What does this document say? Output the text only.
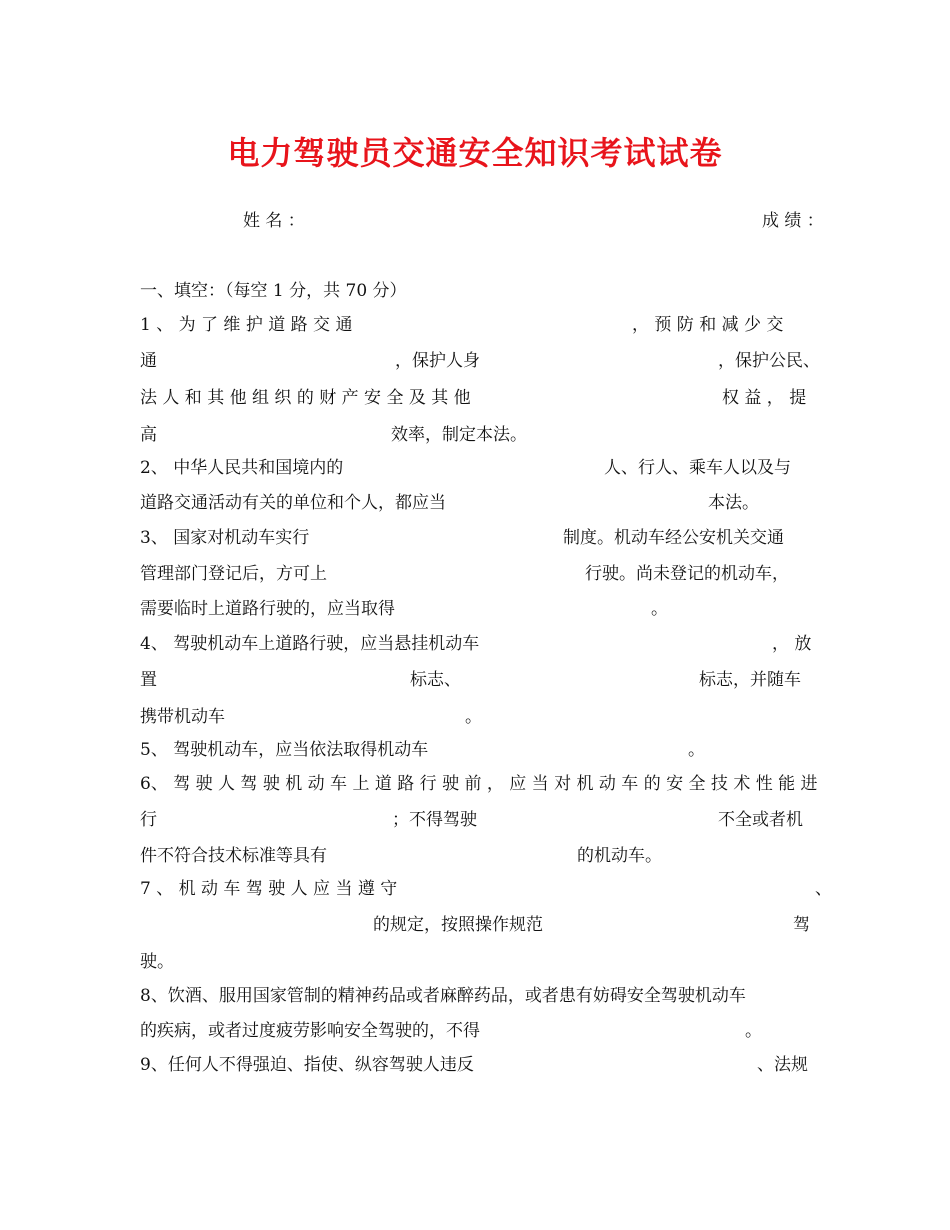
电力驾驶员交通安全知识考试试卷
姓 名 ：	成 绩 ：
一、填空：（每空 1 分，共 70 分）
1 、 为 了 维 护 道 路 交 通	， 预 防 和 减 少 交
通	，保护人身	，保护公民、
法 人 和 其 他 组 织 的 财 产 安 全 及 其 他	权 益 ， 提
高	效率，制定本法。
2、 中华人民共和国境内的	人、行人、乘车人以及与
道路交通活动有关的单位和个人，都应当	本法。
3、 国家对机动车实行	制度。机动车经公安机关交通
管理部门登记后，方可上	行驶。尚未登记的机动车，
需要临时上道路行驶的，应当取得	。
4、 驾驶机动车上道路行驶，应当悬挂机动车	， 放
置	标志、	标志，并随车
携带机动车	。
5、 驾驶机动车，应当依法取得机动车	。
6、 驾 驶 人 驾 驶 机 动 车 上 道 路 行 驶 前 ， 应 当 对 机 动 车 的 安 全 技 术 性 能 进
行	；不得驾驶	不全或者机
件不符合技术标准等具有	的机动车。
7 、 机 动 车 驾 驶 人 应 当 遵 守	、
的规定，按照操作规范	驾
驶。
8、饮酒、服用国家管制的精神药品或者麻醉药品，或者患有妨碍安全驾驶机动车
的疾病，或者过度疲劳影响安全驾驶的，不得	。
9、任何人不得强迫、指使、纵容驾驶人违反	、法规
